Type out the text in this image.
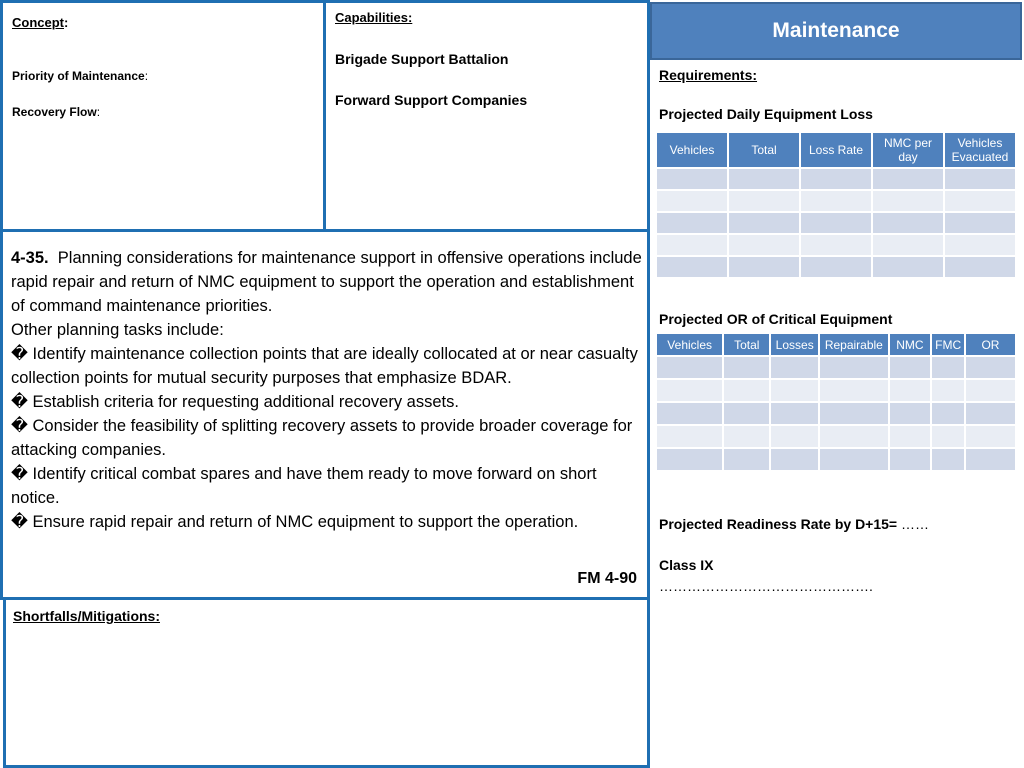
Concept:
Priority of Maintenance:
Recovery Flow:
Capabilities:
Brigade Support Battalion
Forward Support Companies

4-35. Planning considerations for maintenance support in offensive operations include rapid repair and return of NMC equipment to support the operation and establishment of command maintenance priorities.

Other planning tasks include:

� Identify maintenance collection points that are ideally collocated at or near casualty collection points for mutual security purposes that emphasize BDAR.

� Establish criteria for requesting additional recovery assets.

� Consider the feasibility of splitting recovery assets to provide broader coverage for attacking companies.

� Identify critical combat spares and have them ready to move forward on short notice.

� Ensure rapid repair and return of NMC equipment to support the operation.

FM 4-90
Shortfalls/Mitigations:
Maintenance
Requirements:
Projected Daily Equipment Loss
Vehicles	Total	Loss Rate	NMC per day	Vehicles Evacuated

Projected OR of Critical Equipment
Vehicles	Total	Losses	Repairable	NMC	FMC	OR

Projected Readiness Rate by D+15= ……
Class IX
……………………………………….
